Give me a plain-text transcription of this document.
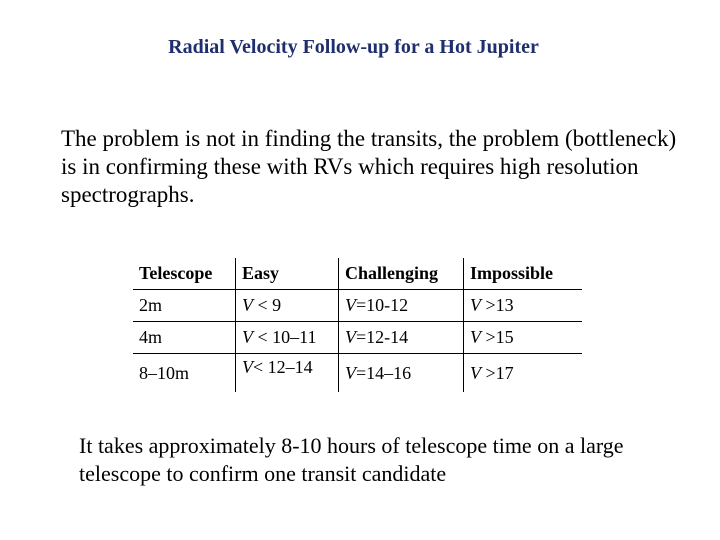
Radial Velocity Follow-up for a Hot Jupiter

The problem is not in finding the transits, the problem (bottleneck) is in confirming these with RVs which requires high resolution spectrographs.

Telescope	Easy	Challenging	Impossible
2m	V < 9	V=10-12	V >13
4m	V < 10–11	V=12-14	V >15
8–10m	V< 12–14	V=14–16	V >17

It takes approximately 8-10 hours of telescope time on a large telescope to confirm one transit candidate
